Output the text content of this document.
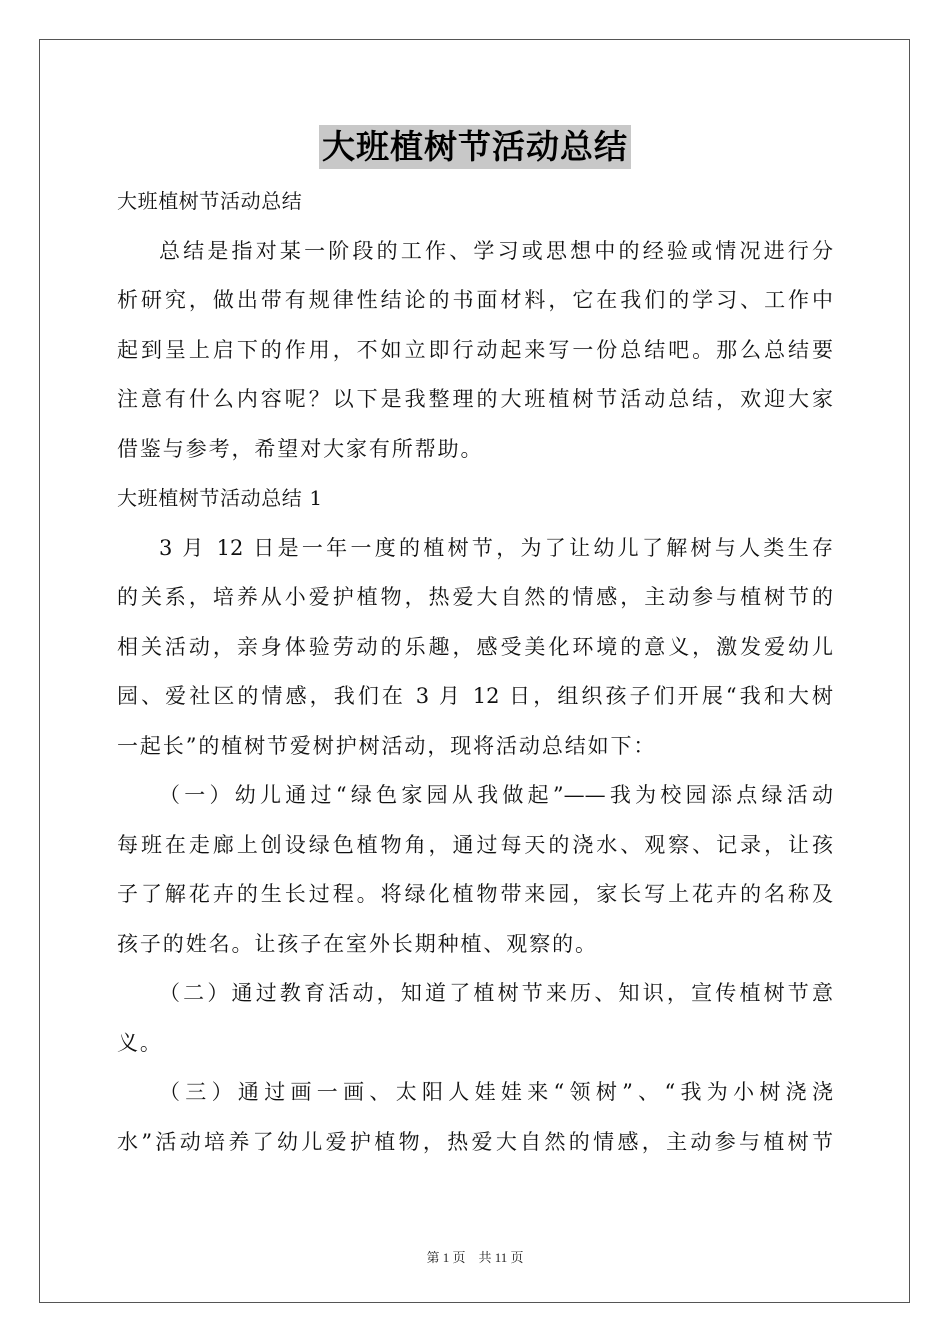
大班植树节活动总结
大班植树节活动总结
总结是指对某一阶段的工作、学习或思想中的经验或情况进行分
析研究，做出带有规律性结论的书面材料，它在我们的学习、工作中
起到呈上启下的作用，不如立即行动起来写一份总结吧。那么总结要
注意有什么内容呢？以下是我整理的大班植树节活动总结，欢迎大家
借鉴与参考，希望对大家有所帮助。
大班植树节活动总结 1
3 月 12 日是一年一度的植树节，为了让幼儿了解树与人类生存
的关系，培养从小爱护植物，热爱大自然的情感，主动参与植树节的
相关活动，亲身体验劳动的乐趣，感受美化环境的意义，激发爱幼儿
园、爱社区的情感，我们在 3 月 12 日，组织孩子们开展“我和大树
一起长”的植树节爱树护树活动，现将活动总结如下：
（一）幼儿通过“绿色家园从我做起”——我为校园添点绿活动
每班在走廊上创设绿色植物角，通过每天的浇水、观察、记录，让孩
子了解花卉的生长过程。将绿化植物带来园，家长写上花卉的名称及
孩子的姓名。让孩子在室外长期种植、观察的。
（二）通过教育活动，知道了植树节来历、知识，宣传植树节意
义。
（三）通过画一画、太阳人娃娃来“领树”、“我为小树浇浇
水”活动培养了幼儿爱护植物，热爱大自然的情感，主动参与植树节
第 1 页　共 11 页
